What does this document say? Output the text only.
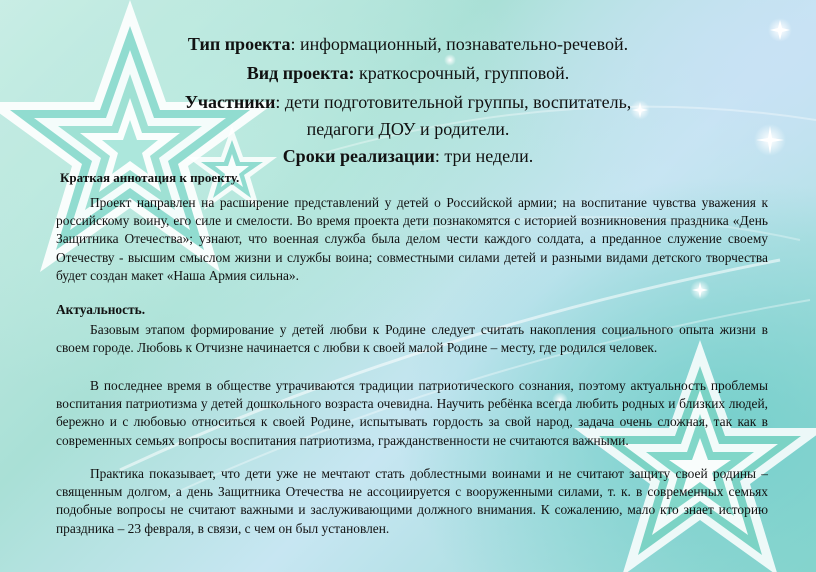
Тип проекта: информационный, познавательно-речевой.
Вид проекта: краткосрочный, групповой.
Участники: дети подготовительной группы, воспитатель,
педагоги ДОУ и родители.
Сроки реализации: три недели.
Краткая аннотация к проекту.

Проект направлен на расширение представлений у детей о Российской армии; на воспитание чувства уважения к российскому воину, его силе и смелости. Во время проекта дети познакомятся с историей возникновения праздника «День Защитника Отечества»; узнают, что военная служба была делом чести каждого солдата, а преданное служение своему Отечеству - высшим смыслом жизни и службы воина; совместными силами детей и разными видами детского творчества будет создан макет «Наша Армия сильна».

Актуальность.

Базовым этапом формирование у детей любви к Родине следует считать накопления социального опыта жизни в своем городе. Любовь к Отчизне начинается с любви к своей малой Родине – месту, где родился человек.

В последнее время в обществе утрачиваются традиции патриотического сознания, поэтому актуальность проблемы воспитания патриотизма у детей дошкольного возраста очевидна. Научить ребёнка всегда любить родных и близких людей, бережно и с любовью относиться к своей Родине, испытывать гордость за свой народ, задача очень сложная, так как в современных семьях вопросы воспитания патриотизма, гражданственности не считаются важными.

Практика показывает, что дети уже не мечтают стать доблестными воинами и не считают защиту своей родины – священным долгом, а день Защитника Отечества не ассоциируется с вооруженными силами, т. к. в современных семьях подобные вопросы не считают важными и заслуживающими должного внимания. К сожалению, мало кто знает историю праздника – 23 февраля, в связи, с чем он был установлен.
